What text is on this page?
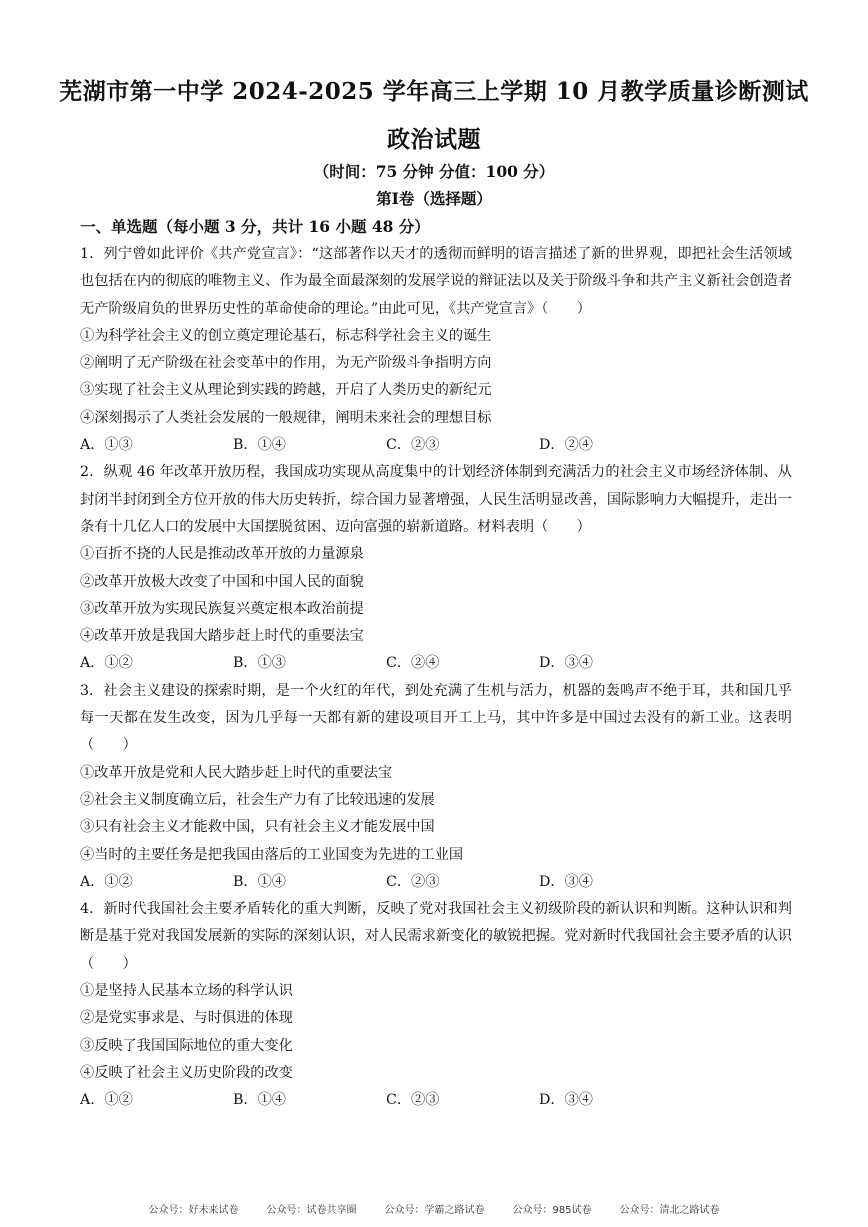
芜湖市第一中学 2024-2025 学年高三上学期 10 月教学质量诊断测试
政治试题
（时间：75 分钟 分值：100 分）
第Ⅰ卷（选择题）
一、单选题（每小题 3 分，共计 16 小题 48 分）

1．列宁曾如此评价《共产党宣言》：“这部著作以天才的透彻而鲜明的语言描述了新的世界观，即把社会生活领域也包括在内的彻底的唯物主义、作为最全面最深刻的发展学说的辩证法以及关于阶级斗争和共产主义新社会创造者无产阶级肩负的世界历史性的革命使命的理论。”由此可见，《共产党宣言》（　　）

①为科学社会主义的创立奠定理论基石，标志科学社会主义的诞生

②阐明了无产阶级在社会变革中的作用，为无产阶级斗争指明方向

③实现了社会主义从理论到实践的跨越，开启了人类历史的新纪元

④深刻揭示了人类社会发展的一般规律，阐明未来社会的理想目标

A．①③	B．①④	C．②③	D．②④

2．纵观 46 年改革开放历程，我国成功实现从高度集中的计划经济体制到充满活力的社会主义市场经济体制、从封闭半封闭到全方位开放的伟大历史转折，综合国力显著增强，人民生活明显改善，国际影响力大幅提升，走出一条有十几亿人口的发展中大国摆脱贫困、迈向富强的崭新道路。材料表明（　　）

①百折不挠的人民是推动改革开放的力量源泉

②改革开放极大改变了中国和中国人民的面貌

③改革开放为实现民族复兴奠定根本政治前提

④改革开放是我国大踏步赶上时代的重要法宝

A．①②	B．①③	C．②④	D．③④

3．社会主义建设的探索时期，是一个火红的年代，到处充满了生机与活力，机器的轰鸣声不绝于耳，共和国几乎每一天都在发生改变，因为几乎每一天都有新的建设项目开工上马，其中许多是中国过去没有的新工业。这表明（　　）

①改革开放是党和人民大踏步赶上时代的重要法宝

②社会主义制度确立后，社会生产力有了比较迅速的发展

③只有社会主义才能救中国，只有社会主义才能发展中国

④当时的主要任务是把我国由落后的工业国变为先进的工业国

A．①②	B．①④	C．②③	D．③④

4．新时代我国社会主要矛盾转化的重大判断，反映了党对我国社会主义初级阶段的新认识和判断。这种认识和判断是基于党对我国发展新的实际的深刻认识，对人民需求新变化的敏锐把握。党对新时代我国社会主要矛盾的认识（　　）

①是坚持人民基本立场的科学认识

②是党实事求是、与时俱进的体现

③反映了我国国际地位的重大变化

④反映了社会主义历史阶段的改变

A．①②	B．①④	C．②③	D．③④
公众号：好未来试卷	公众号：试卷共享圈	公众号：学霸之路试卷	公众号：985试卷	公众号：清北之路试卷
